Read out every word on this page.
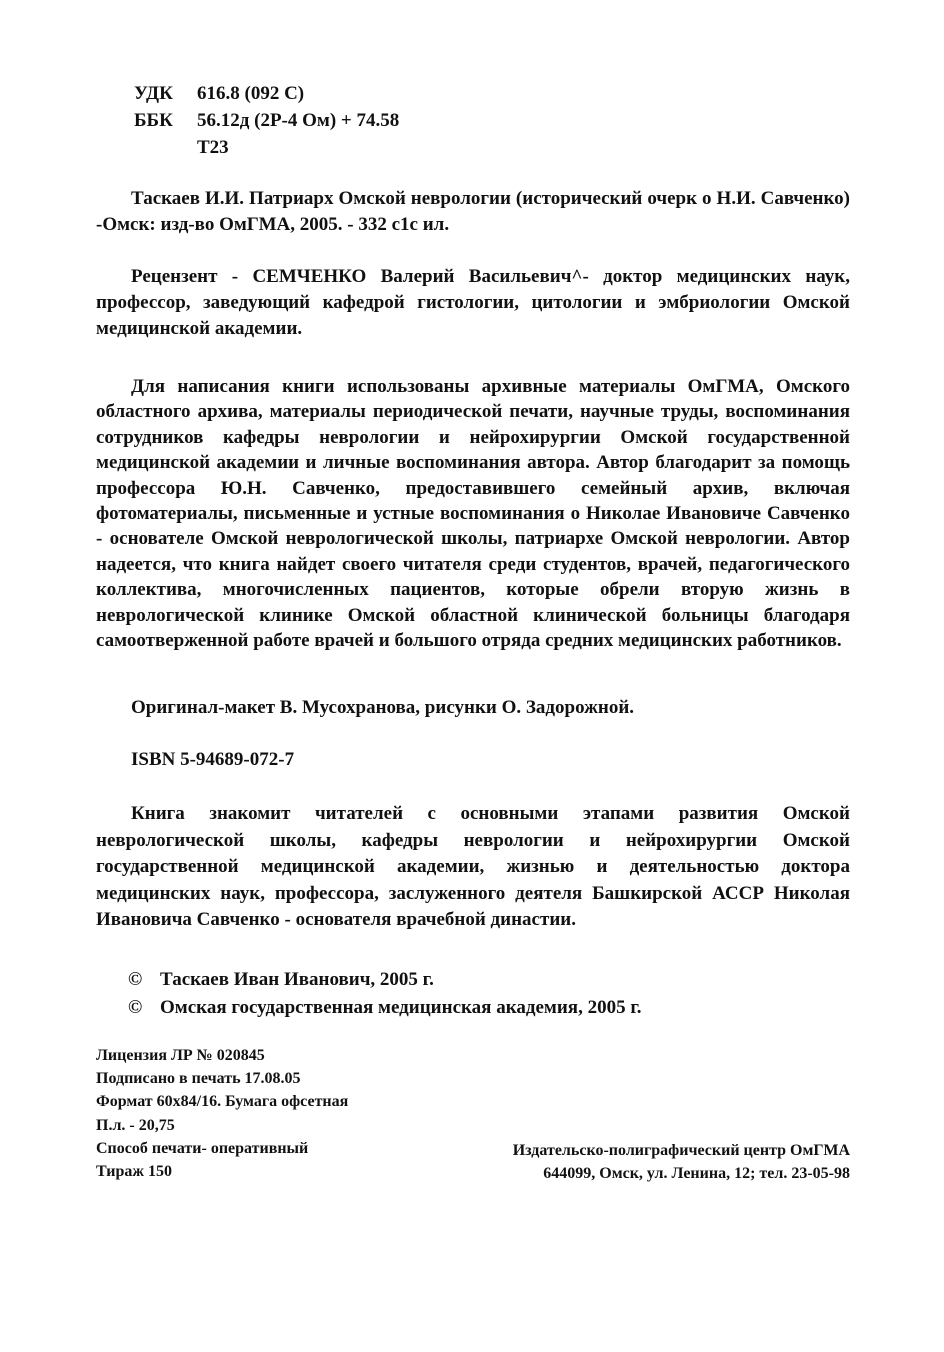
УДК	616.8 (092 С)
ББК	56.12д (2Р-4 Ом) + 74.58
Т23

Таскаев И.И. Патриарх Омской неврологии (исторический очерк о Н.И. Савченко) -Омск: изд-во ОмГМА, 2005. - 332 с1с ил.

Рецензент - СЕМЧЕНКО Валерий Васильевич^- доктор медицинских наук, профессор, заведующий кафедрой гистологии, цитологии и эмбриологии Омской медицинской академии.

Для написания книги использованы архивные материалы ОмГМА, Омского областного архива, материалы периодической печати, научные труды, воспоминания сотрудников кафедры неврологии и нейрохирургии Омской государственной медицинской академии и личные воспоминания автора. Автор благодарит за помощь профессора Ю.Н. Савченко, предоставившего семейный архив, включая фотоматериалы, письменные и устные воспоминания о Николае Ивановиче Савченко - основателе Омской неврологической школы, патриархе Омской неврологии. Автор надеется, что книга найдет своего читателя среди студентов, врачей, педагогического коллектива, многочисленных пациентов, которые обрели вторую жизнь в неврологической клинике Омской областной клинической больницы благодаря самоотверженной работе врачей и большого отряда средних медицинских работников.

Оригинал-макет В. Мусохранова, рисунки О. Задорожной.

ISBN 5-94689-072-7

Книга знакомит читателей с основными этапами развития Омской неврологической школы, кафедры неврологии и нейрохирургии Омской государственной медицинской академии, жизнью и деятельностью доктора медицинских наук, профессора, заслуженного деятеля Башкирской АССР Николая Ивановича Савченко - основателя врачебной династии.

© Таскаев Иван Иванович, 2005 г.
© Омская государственная медицинская академия, 2005 г.
Лицензия ЛР № 020845
Подписано в печать 17.08.05
Формат 60х84/16. Бумага офсетная
П.л. - 20,75
Способ печати- оперативный
Тираж 150
Издательско-полиграфический центр ОмГМА
644099, Омск, ул. Ленина, 12; тел. 23-05-98
